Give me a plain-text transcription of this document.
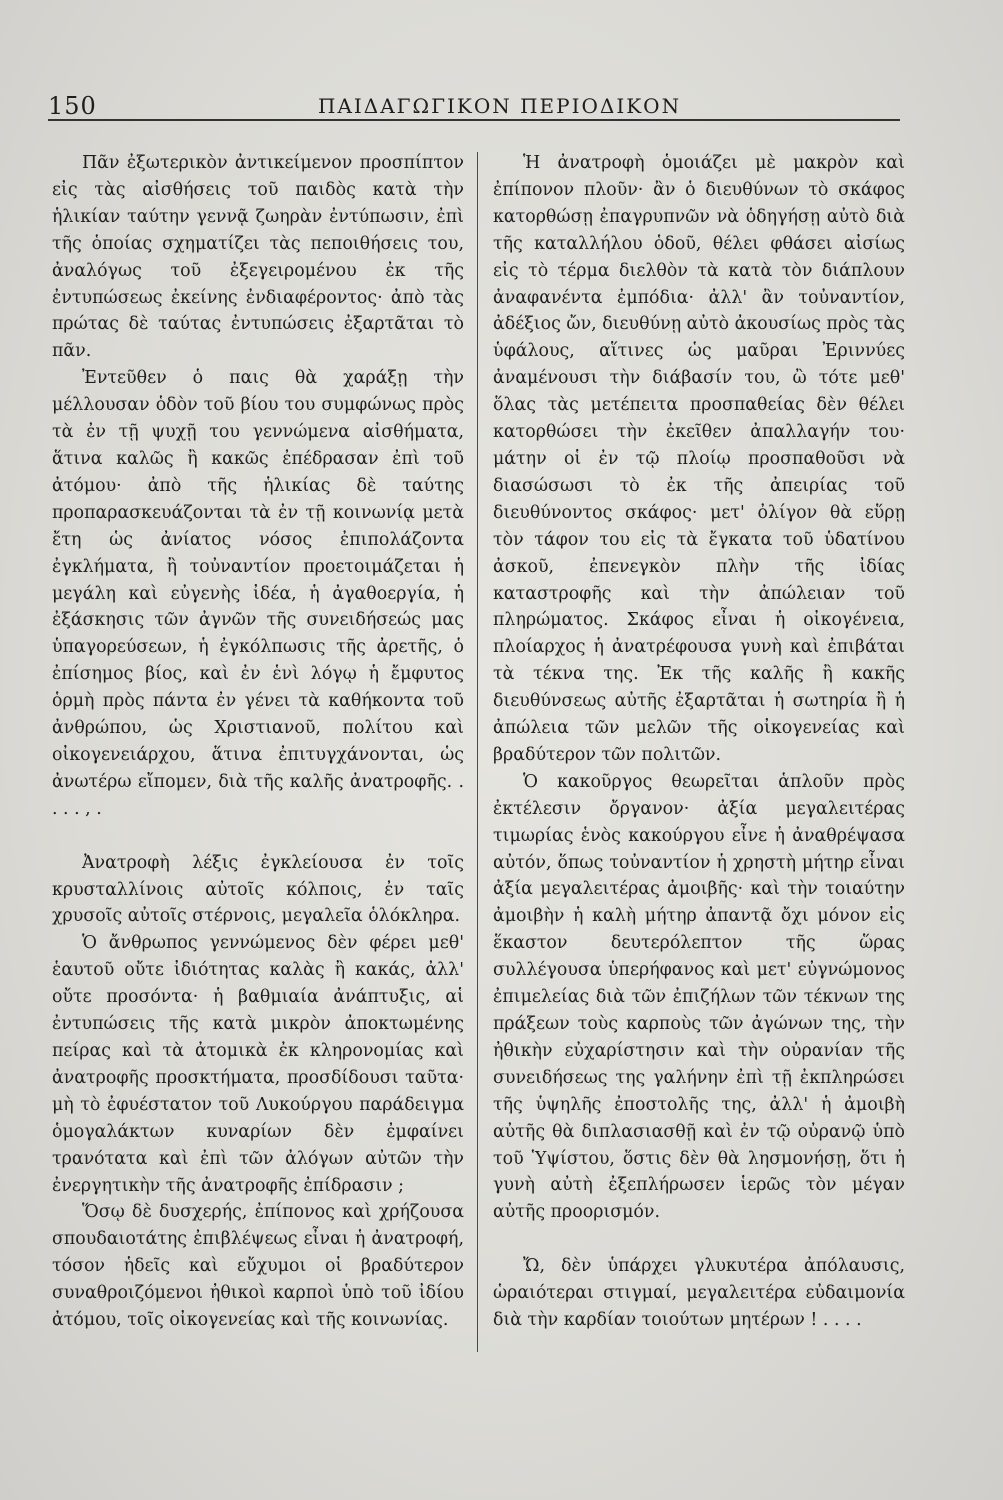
150	ΠΑΙΔΑΓΩΓΙΚΟΝ ΠΕΡΙΟΔΙΚΟΝ

Πᾶν ἐξωτερικὸν ἀντικείμενον προσπίπτον εἰς τὰς αἰσθήσεις τοῦ παιδὸς κατὰ τὴν ἡλικίαν ταύτην γεννᾷ ζωηρὰν ἐντύπωσιν, ἐπὶ τῆς ὁποίας σχηματίζει τὰς πεποιθήσεις του, ἀναλόγως τοῦ ἐξεγειρομένου ἐκ τῆς ἐντυπώσεως ἐκείνης ἐνδιαφέροντος· ἀπὸ τὰς πρώτας δὲ ταύτας ἐντυπώσεις ἐξαρτᾶται τὸ πᾶν.

Ἐντεῦθεν ὁ παις θὰ χαράξῃ τὴν μέλλουσαν ὁδὸν τοῦ βίου του συμφώνως πρὸς τὰ ἐν τῇ ψυχῇ του γεννώμενα αἰσθήματα, ἅτινα καλῶς ἢ κακῶς ἐπέδρασαν ἐπὶ τοῦ ἀτόμου· ἀπὸ τῆς ἡλικίας δὲ ταύτης προπαρασκευάζονται τὰ ἐν τῇ κοινωνίᾳ μετὰ ἔτη ὡς ἀνίατος νόσος ἐπιπολάζοντα ἐγκλήματα, ἢ τοὐναντίον προετοιμάζεται ἡ μεγάλη καὶ εὐγενὴς ἰδέα, ἡ ἀγαθοεργία, ἡ ἐξάσκησις τῶν ἀγνῶν τῆς συνειδήσεώς μας ὑπαγορεύσεων, ἡ ἐγκόλπωσις τῆς ἀρετῆς, ὁ ἐπίσημος βίος, καὶ ἐν ἑνὶ λόγῳ ἡ ἔμφυτος ὁρμὴ πρὸς πάντα ἐν γένει τὰ καθήκοντα τοῦ ἀνθρώπου, ὡς Χριστιανοῦ, πολίτου καὶ οἰκογενειάρχου, ἅτινα ἐπιτυγχάνονται, ὡς ἀνωτέρω εἴπομεν, διὰ τῆς καλῆς ἀνατροφῆς. . . . . , .

Ἀνατροφὴ λέξις ἐγκλείουσα ἐν τοῖς κρυσταλλίνοις αὐτοῖς κόλποις, ἐν ταῖς χρυσοῖς αὐτοῖς στέρνοις, μεγαλεῖα ὁλόκληρα.

Ὁ ἄνθρωπος γεννώμενος δὲν φέρει μεθ' ἑαυτοῦ οὔτε ἰδιότητας καλὰς ἢ κακάς, ἀλλ' οὔτε προσόντα· ἡ βαθμιαία ἀνάπτυξις, αἱ ἐντυπώσεις τῆς κατὰ μικρὸν ἀποκτωμένης πείρας καὶ τὰ ἀτομικὰ ἐκ κληρονομίας καὶ ἀνατροφῆς προσκτήματα, προσδίδουσι ταῦτα· μὴ τὸ ἐφυέστατον τοῦ Λυκούργου παράδειγμα ὁμογαλάκτων κυναρίων δὲν ἐμφαίνει τρανότατα καὶ ἐπὶ τῶν ἀλόγων αὐτῶν τὴν ἐνεργητικὴν τῆς ἀνατροφῆς ἐπίδρασιν ;

Ὅσῳ δὲ δυσχερής, ἐπίπονος καὶ χρήζουσα σπουδαιοτάτης ἐπιβλέψεως εἶναι ἡ ἀνατροφή, τόσον ἡδεῖς καὶ εὔχυμοι οἱ βραδύτερον συναθροιζόμενοι ἠθικοὶ καρποὶ ὑπὸ τοῦ ἰδίου ἀτόμου, τοῖς οἰκογενείας καὶ τῆς κοινωνίας.

Ἡ ἀνατροφὴ ὁμοιάζει μὲ μακρὸν καὶ ἐπίπονον πλοῦν· ἂν ὁ διευθύνων τὸ σκάφος κατορθώσῃ ἐπαγρυπνῶν νὰ ὁδηγήσῃ αὐτὸ διὰ τῆς καταλλήλου ὁδοῦ, θέλει φθάσει αἰσίως εἰς τὸ τέρμα διελθὸν τὰ κατὰ τὸν διάπλουν ἀναφανέντα ἐμπόδια· ἀλλ' ἂν τοὐναντίον, ἀδέξιος ὤν, διευθύνῃ αὐτὸ ἀκουσίως πρὸς τὰς ὑφάλους, αἵτινες ὡς μαῦραι Ἐριννύες ἀναμένουσι τὴν διάβασίν του, ὢ τότε μεθ' ὅλας τὰς μετέπειτα προσπαθείας δὲν θέλει κατορθώσει τὴν ἐκεῖθεν ἀπαλλαγήν του· μάτην οἱ ἐν τῷ πλοίῳ προσπαθοῦσι νὰ διασώσωσι τὸ ἐκ τῆς ἀπειρίας τοῦ διευθύνοντος σκάφος· μετ' ὀλίγον θὰ εὕρῃ τὸν τάφον του εἰς τὰ ἔγκατα τοῦ ὑδατίνου ἀσκοῦ, ἐπενεγκὸν πλὴν τῆς ἰδίας καταστροφῆς καὶ τὴν ἀπώλειαν τοῦ πληρώματος. Σκάφος εἶναι ἡ οἰκογένεια, πλοίαρχος ἡ ἀνατρέφουσα γυνὴ καὶ ἐπιβάται τὰ τέκνα της. Ἐκ τῆς καλῆς ἢ κακῆς διευθύνσεως αὐτῆς ἐξαρτᾶται ἡ σωτηρία ἢ ἡ ἀπώλεια τῶν μελῶν τῆς οἰκογενείας καὶ βραδύτερον τῶν πολιτῶν.

Ὁ κακοῦργος θεωρεῖται ἁπλοῦν πρὸς ἐκτέλεσιν ὄργανον· ἀξία μεγαλειτέρας τιμωρίας ἑνὸς κακούργου εἶνε ἡ ἀναθρέψασα αὐτόν, ὅπως τοὐναντίον ἡ χρηστὴ μήτηρ εἶναι ἀξία μεγαλειτέρας ἀμοιβῆς· καὶ τὴν τοιαύτην ἀμοιβὴν ἡ καλὴ μήτηρ ἀπαντᾷ ὄχι μόνον εἰς ἕκαστον δευτερόλεπτον τῆς ὥρας συλλέγουσα ὑπερήφανος καὶ μετ' εὐγνώμονος ἐπιμελείας διὰ τῶν ἐπιζήλων τῶν τέκνων της πράξεων τοὺς καρποὺς τῶν ἀγώνων της, τὴν ἠθικὴν εὐχαρίστησιν καὶ τὴν οὐρανίαν τῆς συνειδήσεως της γαλήνην ἐπὶ τῇ ἐκπληρώσει τῆς ὑψηλῆς ἐποστολῆς της, ἀλλ' ἡ ἀμοιβὴ αὐτῆς θὰ διπλασιασθῇ καὶ ἐν τῷ οὐρανῷ ὑπὸ τοῦ Ὑψίστου, ὅστις δὲν θὰ λησμονήσῃ, ὅτι ἡ γυνὴ αὐτὴ ἐξεπλήρωσεν ἱερῶς τὸν μέγαν αὐτῆς προορισμόν.

Ὤ, δὲν ὑπάρχει γλυκυτέρα ἀπόλαυσις, ὡραιότεραι στιγμαί, μεγαλειτέρα εὐδαιμονία διὰ τὴν καρδίαν τοιούτων μητέρων ! . . . .
